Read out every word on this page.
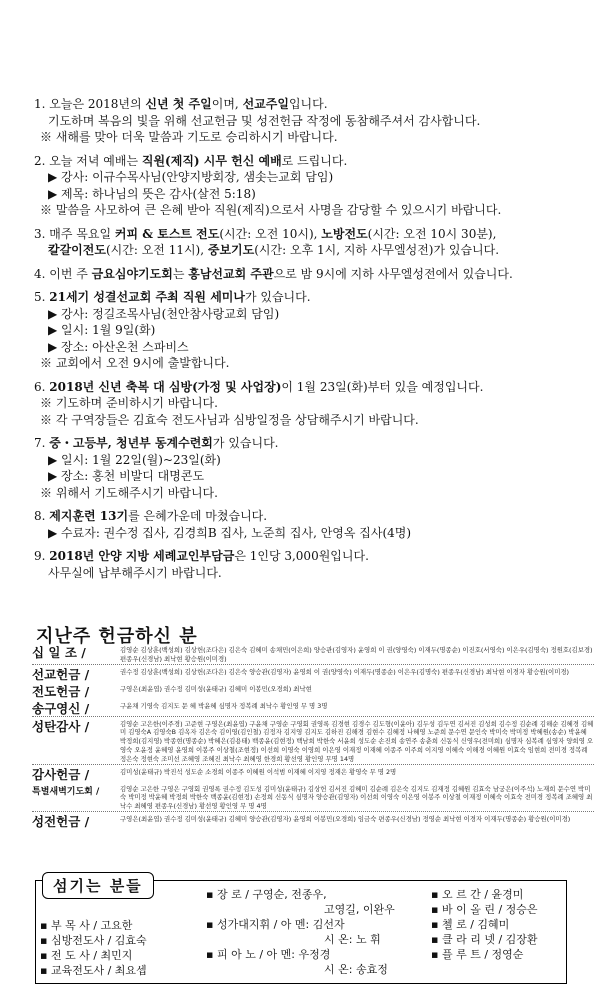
1. 오늘은 2018년의 신년 첫 주일이며, 선교주일입니다.
기도하며 복음의 빛을 위해 선교헌금 및 성전헌금 작정에 동참해주셔서 감사합니다.
※ 새해를 맞아 더욱 말씀과 기도로 승리하시기 바랍니다.
2. 오늘 저녁 예배는 직원(제직) 시무 헌신 예배로 드립니다.
▶ 강사: 이규수목사님(안양지방회장, 샘솟는교회 담임)
▶ 제목: 하나님의 뜻은 감사(살전 5:18)
※ 말씀을 사모하여 큰 은혜 받아 직원(제직)으로서 사명을 감당할 수 있으시기 바랍니다.
3. 매주 목요일 커피 & 토스트 전도(시간: 오전 10시), 노방전도(시간: 오전 10시 30분),
칼갈이전도(시간: 오전 11시), 중보기도(시간: 오후 1시, 지하 사무엘성전)가 있습니다.
4. 이번 주 금요심야기도회는 홍남선교회 주관으로 밤 9시에 지하 사무엘성전에서 있습니다.
5. 21세기 성결선교회 주최 직원 세미나가 있습니다.
▶ 강사: 정길조목사님(천안참사랑교회 담임)
▶ 일시: 1월 9일(화)
▶ 장소: 아산온천 스파비스
※ 교회에서 오전 9시에 출발합니다.
6. 2018년 신년 축복 대 심방(가정 및 사업장)이 1월 23일(화)부터 있을 예정입니다.
※ 기도하며 준비하시기 바랍니다.
※ 각 구역장들은 김효숙 전도사님과 심방일정을 상담해주시기 바랍니다.
7. 중・고등부, 청년부 동계수련회가 있습니다.
▶ 일시: 1월 22일(월)~23일(화)
▶ 장소: 홍천 비발디 대명콘도
※ 위해서 기도해주시기 바랍니다.
8. 제지훈련 13기를 은혜가운데 마쳤습니다.
▶ 수료자: 권수정 집사, 김경희B 집사, 노준희 집사, 안영옥 집사(4명)
9. 2018년 안양 지방 세례교인부담금은 1인당 3,000원입니다.
사무실에 납부해주시기 바랍니다.
지난주 헌금하신 분
십 일 조 /	김영순 김상훈(백성희) 김상헌(조다은) 김은숙 김혜미 송채민(이은희) 양승관(김영자) 윤영희 이 권(양영숙) 이재두(명종순) 이진호(서영숙) 이은우(김명숙) 정원호(김보경) 편종우(신경남) 최낙현 황승원(이미경)
선교헌금 /	권수정 김상훈(백성희) 김상헌(조다은) 김은숙 양승관(김영자) 윤영희 이 권(양영숙) 이재두(명종순) 이은우(김명숙) 편종우(신경남) 최낙현 이경자 황승원(이미경)
전도헌금 /	구영은(최윤엽) 권수정 김미성(윤태규) 김혜미 이봉민(오경희) 최낙현
송구영신 /	구윤채 기영숙 김지도 문 혜 박윤혜 심명자 정복례 최낙수 황인영 무 명 3명
성탄감사 /	김영순 고은한(이주경) 고준현 구영은(최윤엽) 구윤채 구영순 구영회 권영록 김경현 김경수 김도형(이윤아) 김두성 김두연 김서진 김성희 김수정 김순례 김해순 김혜경 김혜미 김영숙A 김영숙B 김옥자 김은숙 김이영(김인철) 김정자 김지영 김지도 김하진 김해경 김현수 김혜정 나혜영 노준희 문수연 문인숙 박미숙 박미정 박혜원(송순) 박윤혜 박정희(김지영) 박종현(명종순) 박혜은(김용태) 백종윤(김현정) 백남희 박한숙 서윤희 성도순 손진희 송연주 송춘희 신동식 신영우(전미희) 심명자 심복례 심영자 양희영 오영숙 오윤정 윤혜영 윤영희 이봉주 이상철(조현정) 이선희 이영숙 이영희 이은영 이재정 이재혜 이종주 이주희 이지영 이혜숙 이해경 이혜원 이효숙 임현희 전미경 정복례 정은숙 정현숙 조미선 조혜영 조혜진 최낙수 최혜영 한경희 황선영 황인영 무명 14명
감사헌금 /	김미성(윤태규) 박진석 성도순 소경희 이종주 이혜원 이석범 이재혜 이지영 정재은 황영숙 무 명 2명
특별새벽기도회 /	김영순 고은한 구영은 구영회 권영록 권수정 김도성 김미성(윤태규) 김상헌 김서진 김혜미 김순례 김은숙 김지도 김재정 김혜원 김효숙 남궁은(이주석) 노재희 문수연 박미숙 박미정 박윤혜 박정희 박한숙 백종윤(김현정) 손정희 신동식 심명자 양승관(김영자) 이선희 이영숙 이은영 이봉주 이상철 이재정 이혜숙 이효숙 전미경 정복례 조혜영 최낙수 최혜영 편종우(신경남) 황선영 황인영 무 명 4명
성전헌금 /	구영은(최윤엽) 권수정 김미성(윤태규) 김혜미 양승관(김영자) 윤영희 이봉민(오경희) 임금숙 편종우(신경남) 정영순 최낙현 이경자 이재두(명종순) 황승원(이미경)
섬기는 분들
▪ 부 목 사 / 고요한
▪ 심방전도사 / 김효숙
▪ 전 도 사 / 최민지
▪ 교육전도사 / 최요셉
▪ 장 로 / 구영순, 전종우,
고영길, 이완우
▪ 성가대지휘 / 아 멘: 김선자
시 온: 노 휘
▪ 피 아 노 / 아 멘: 우정경
시 온: 송효정
▪ 오 르 간 / 윤경미
▪ 바 이 올 린 / 정승은
▪ 첼 로 / 김혜미
▪ 클 라 리 넷 / 김장환
▪ 플 루 트 / 정영순
